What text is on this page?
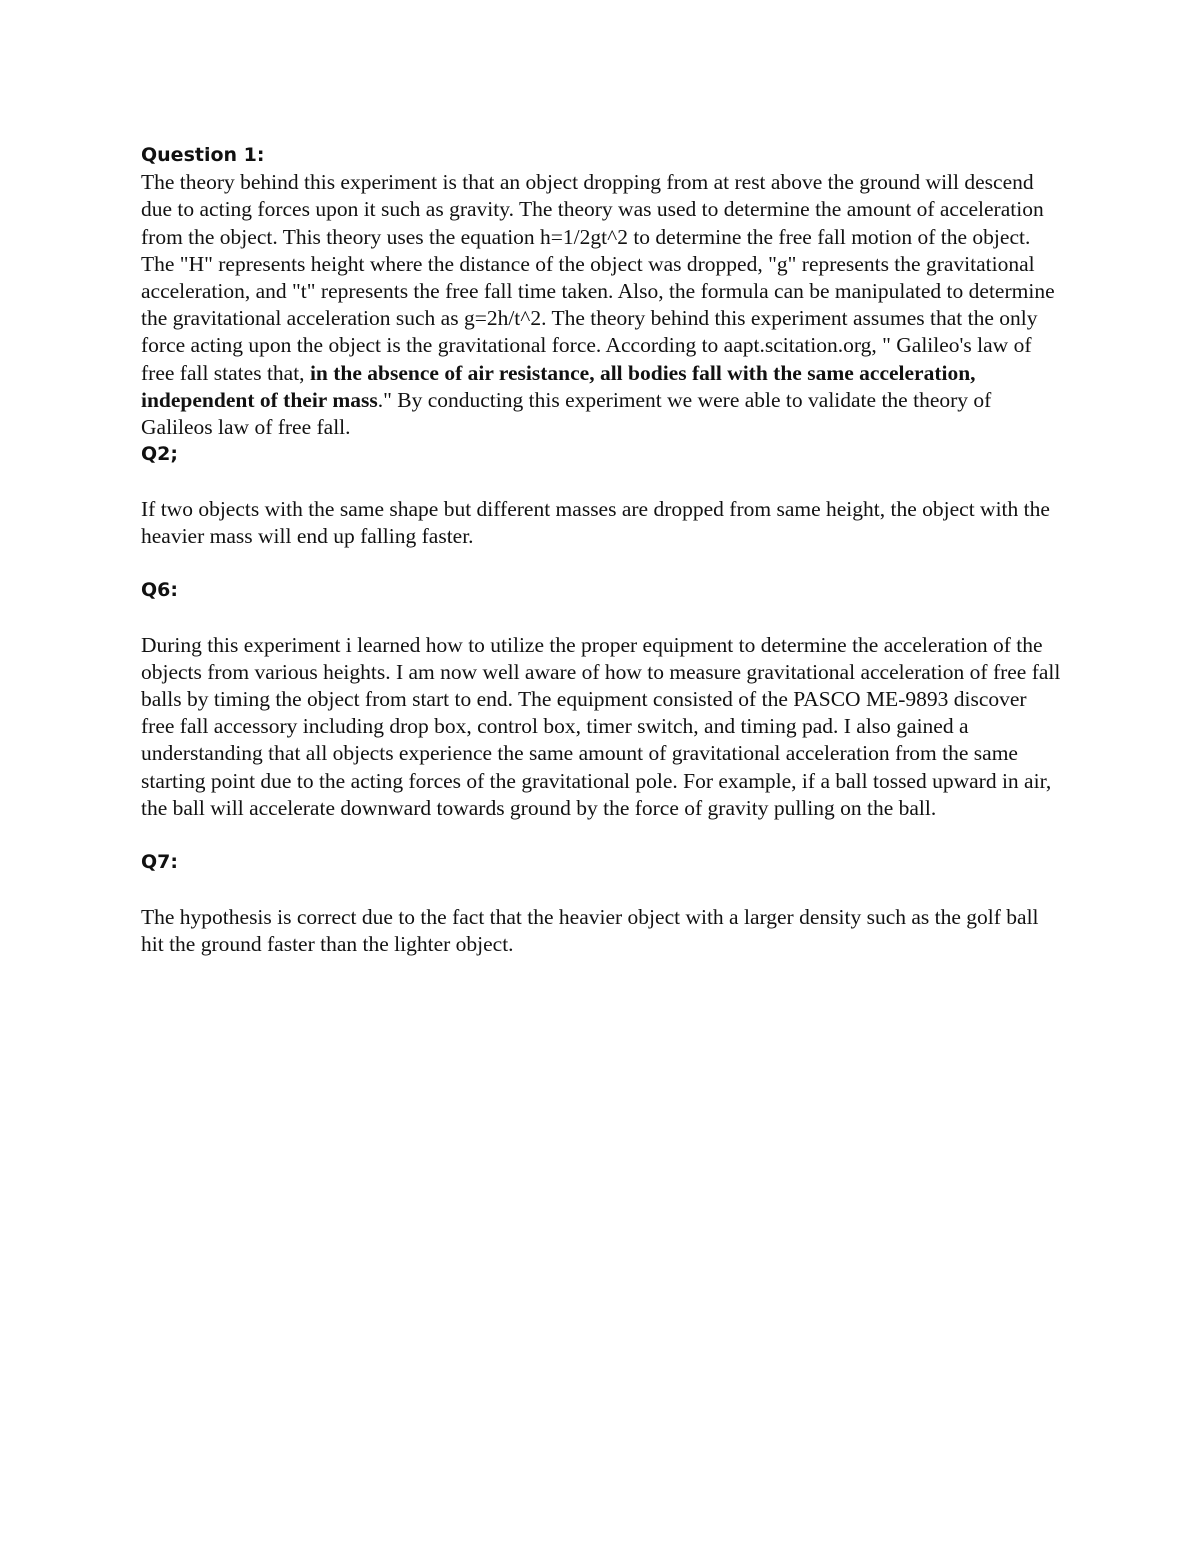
Question 1:

The theory behind this experiment is that an object dropping from at rest above the ground will descend due to acting forces upon it such as gravity. The theory was used to determine the amount of acceleration from the object. This theory uses the equation h=1/2gt^2 to determine the free fall motion of the object. The "H" represents height where the distance of the object was dropped, "g" represents the gravitational acceleration, and "t" represents the free fall time taken. Also, the formula can be manipulated to determine the gravitational acceleration such as g=2h/t^2. The theory behind this experiment assumes that the only force acting upon the object is the gravitational force. According to aapt.scitation.org, " Galileo's law of free fall states that, in the absence of air resistance, all bodies fall with the same acceleration, independent of their mass." By conducting this experiment we were able to validate the theory of Galileos law of free fall.

Q2;

If two objects with the same shape but different masses are dropped from same height, the object with the heavier mass will end up falling faster.

Q6:

During this experiment i learned how to utilize the proper equipment to determine the acceleration of the objects from various heights. I am now well aware of how to measure gravitational acceleration of free fall balls by timing the object from start to end. The equipment consisted of the PASCO ME-9893 discover free fall accessory including drop box, control box, timer switch, and timing pad. I also gained a understanding that all objects experience the same amount of gravitational acceleration from the same starting point due to the acting forces of the gravitational pole. For example, if a ball tossed upward in air, the ball will accelerate downward towards ground by the force of gravity pulling on the ball.

Q7:

The hypothesis is correct due to the fact that the heavier object with a larger density such as the golf ball hit the ground faster than the lighter object.
